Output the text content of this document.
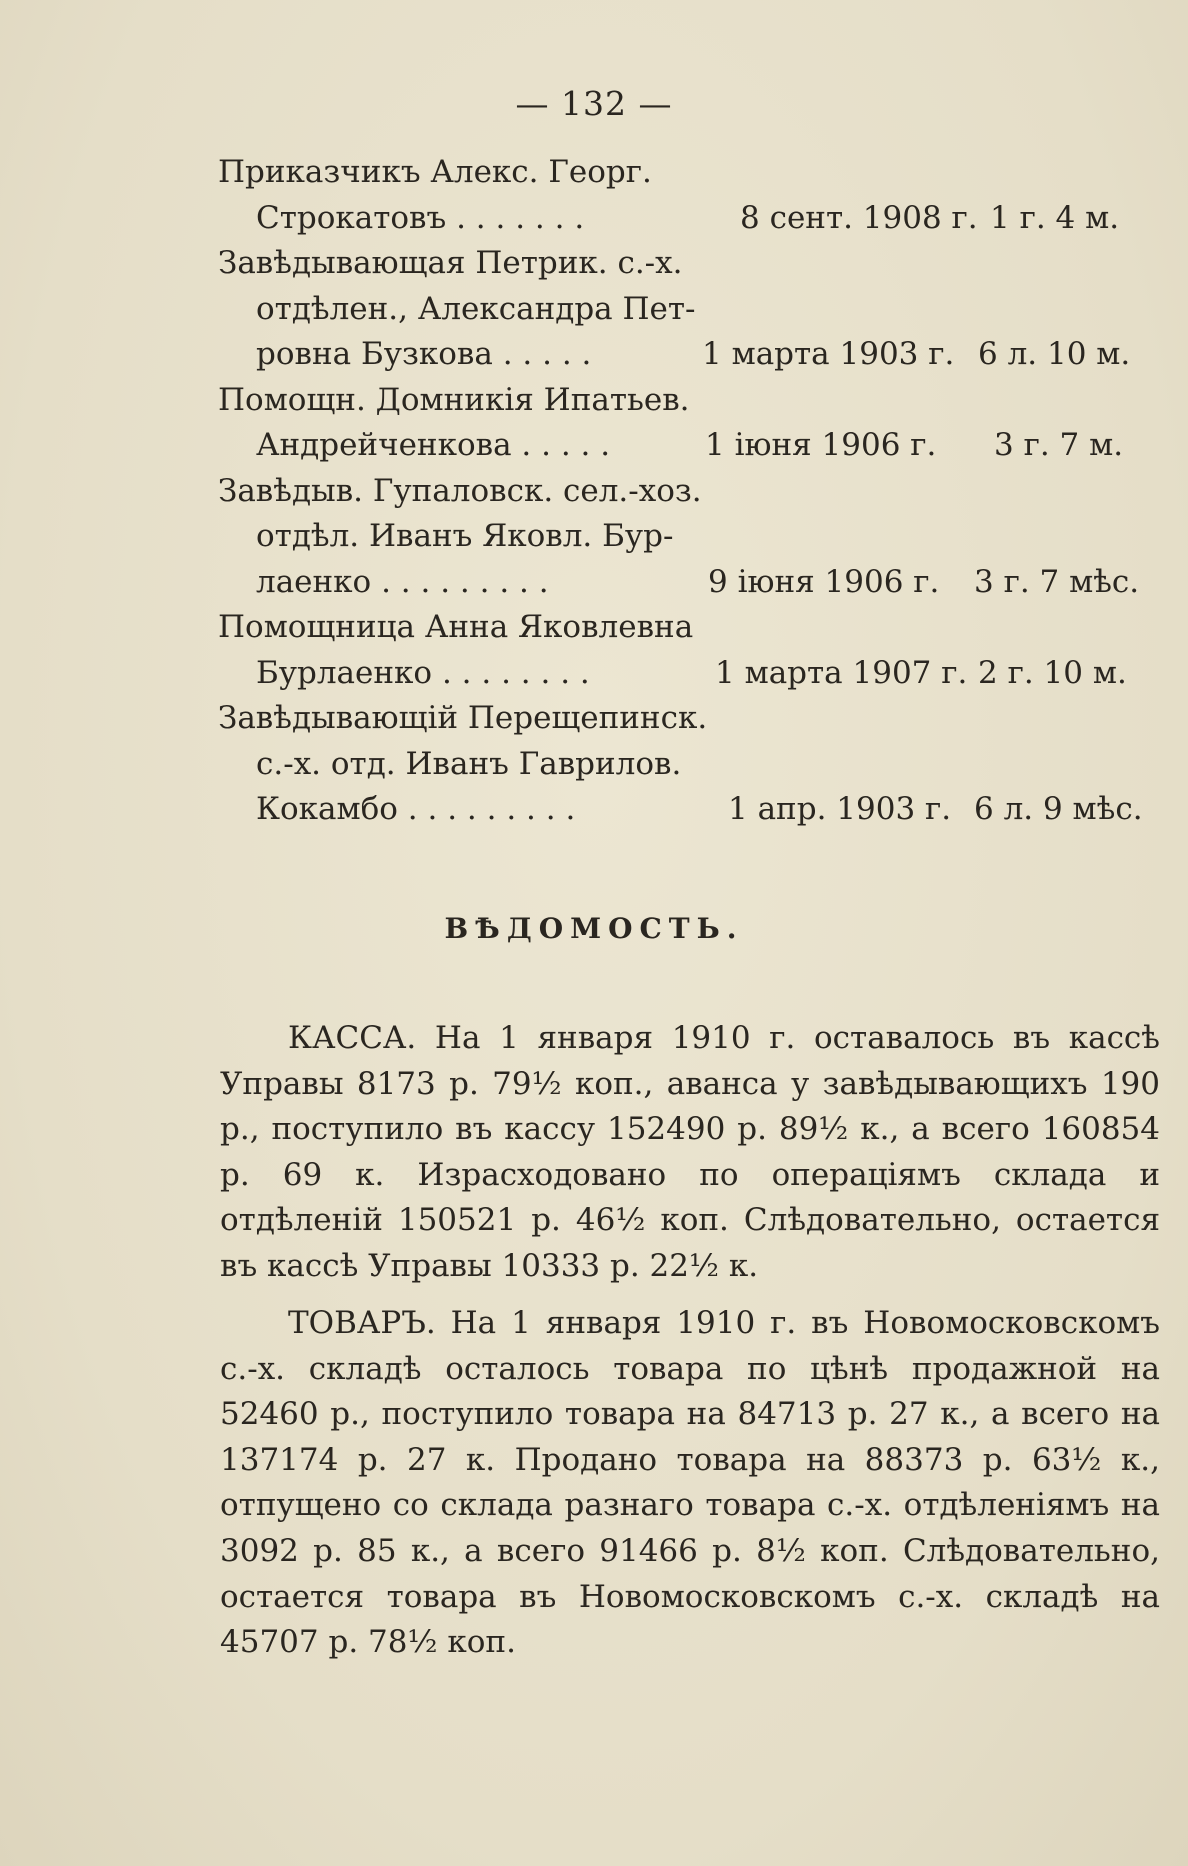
— 132 —
Приказчикъ Алекс. Георг.
Строкатовъ . . . . . . .	8 сент. 1908 г. 1 г. 4 м.
Завѣдывающая Петрик. с.-х.
отдѣлен., Александра Пет-
ровна Бузкова . . . . .	1 марта 1903 г. 6 л. 10 м.
Помощн. Домникія Ипатьев.
Андрейченкова . . . . .	1 іюня 1906 г. 3 г. 7 м.
Завѣдыв. Гупаловск. сел.-хоз.
отдѣл. Иванъ Яковл. Бур-
лаенко . . . . . . . . .	9 іюня 1906 г. 3 г. 7 мѣс.
Помощница Анна Яковлевна
Бурлаенко . . . . . . . .	1 марта 1907 г. 2 г. 10 м.
Завѣдывающій Перещепинск.
с.-х. отд. Иванъ Гаврилов.
Кокамбо . . . . . . . . .	1 апр. 1903 г. 6 л. 9 мѣс.
ВѢДОМОСТЬ.

КАССА. На 1 января 1910 г. оставалось въ кассѣ Управы 8173 р. 79½ коп., аванса у завѣдывающихъ 190 р., поступило въ кассу 152490 р. 89½ к., а всего 160854 р. 69 к. Израсходовано по операціямъ склада и отдѣленій 150521 р. 46½ коп. Слѣдовательно, остается въ кассѣ Управы 10333 р. 22½ к.

ТОВАРЪ. На 1 января 1910 г. въ Новомосковскомъ с.-х. складѣ осталось товара по цѣнѣ продажной на 52460 р., поступило товара на 84713 р. 27 к., а всего на 137174 р. 27 к. Продано товара на 88373 р. 63½ к., отпущено со склада разнаго товара с.-х. отдѣленіямъ на 3092 р. 85 к., а всего 91466 р. 8½ коп. Слѣдовательно, остается товара въ Новомосковскомъ с.-х. складѣ на 45707 р. 78½ коп.
